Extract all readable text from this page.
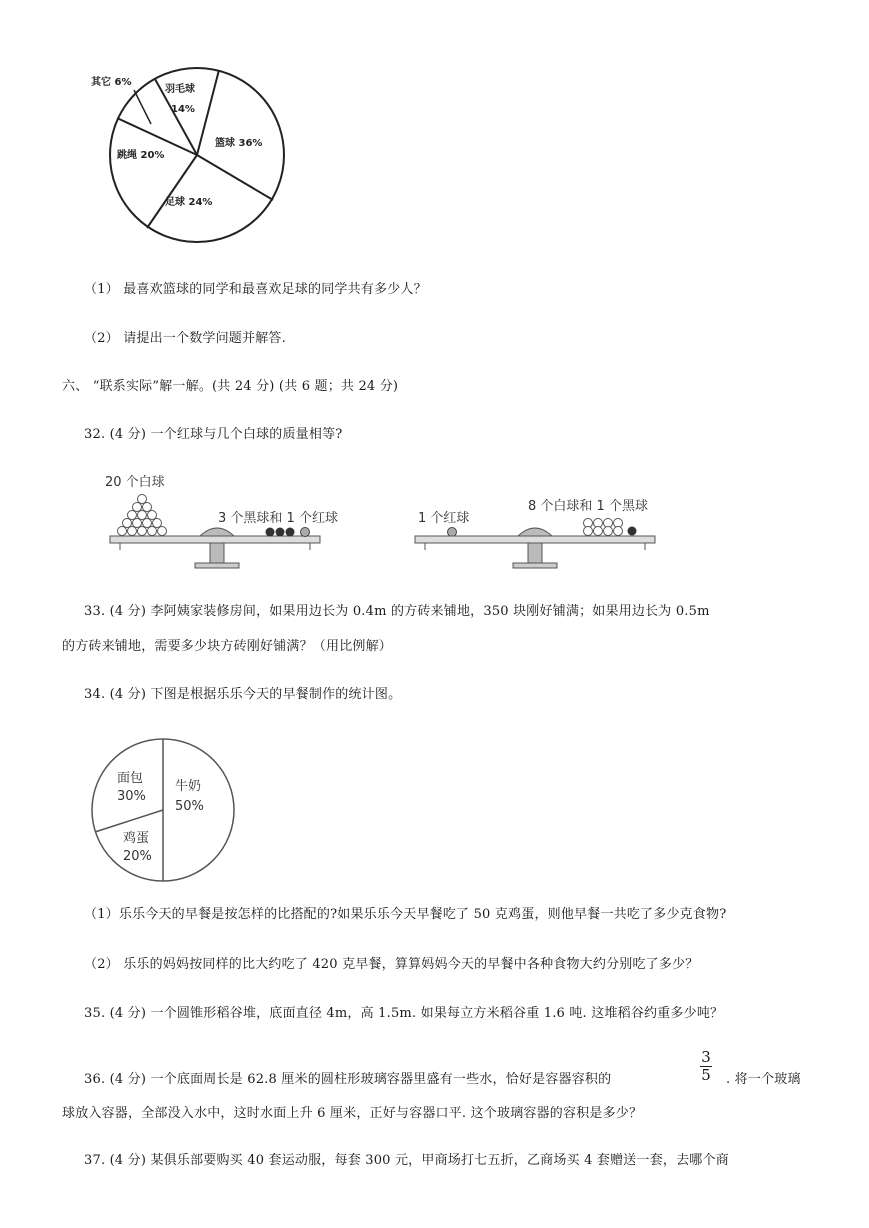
其它 6%
羽毛球
14%
篮球 36%
跳绳 20%
足球 24%
（1） 最喜欢篮球的同学和最喜欢足球的同学共有多少人？
（2） 请提出一个数学问题并解答.
六、 “联系实际”解一解。(共 24 分) (共 6 题；共 24 分)
32. (4 分) 一个红球与几个白球的质量相等?
20 个白球
3 个黑球和 1 个红球	1 个红球
8 个白球和 1 个黑球
33. (4 分) 李阿姨家装修房间，如果用边长为 0.4m 的方砖来铺地，350 块刚好铺满；如果用边长为 0.5m
的方砖来铺地，需要多少块方砖刚好铺满？（用比例解）
34. (4 分) 下图是根据乐乐今天的早餐制作的统计图。
牛奶
50%
面包
30%
鸡蛋
20%
（1）乐乐今天的早餐是按怎样的比搭配的?如果乐乐今天早餐吃了 50 克鸡蛋，则他早餐一共吃了多少克食物?
（2） 乐乐的妈妈按同样的比大约吃了 420 克早餐，算算妈妈今天的早餐中各种食物大约分别吃了多少？
35. (4 分) 一个圆锥形稻谷堆，底面直径 4m，高 1.5m. 如果每立方米稻谷重 1.6 吨. 这堆稻谷约重多少吨？
36. (4 分) 一个底面周长是 62.8 厘米的圆柱形玻璃容器里盛有一些水，恰好是容器容积的
3
5 . 将一个玻璃
球放入容器，全部没入水中，这时水面上升 6 厘米，正好与容器口平. 这个玻璃容器的容积是多少？
37. (4 分) 某俱乐部要购买 40 套运动服，每套 300 元，甲商场打七五折，乙商场买 4 套赠送一套，去哪个商
